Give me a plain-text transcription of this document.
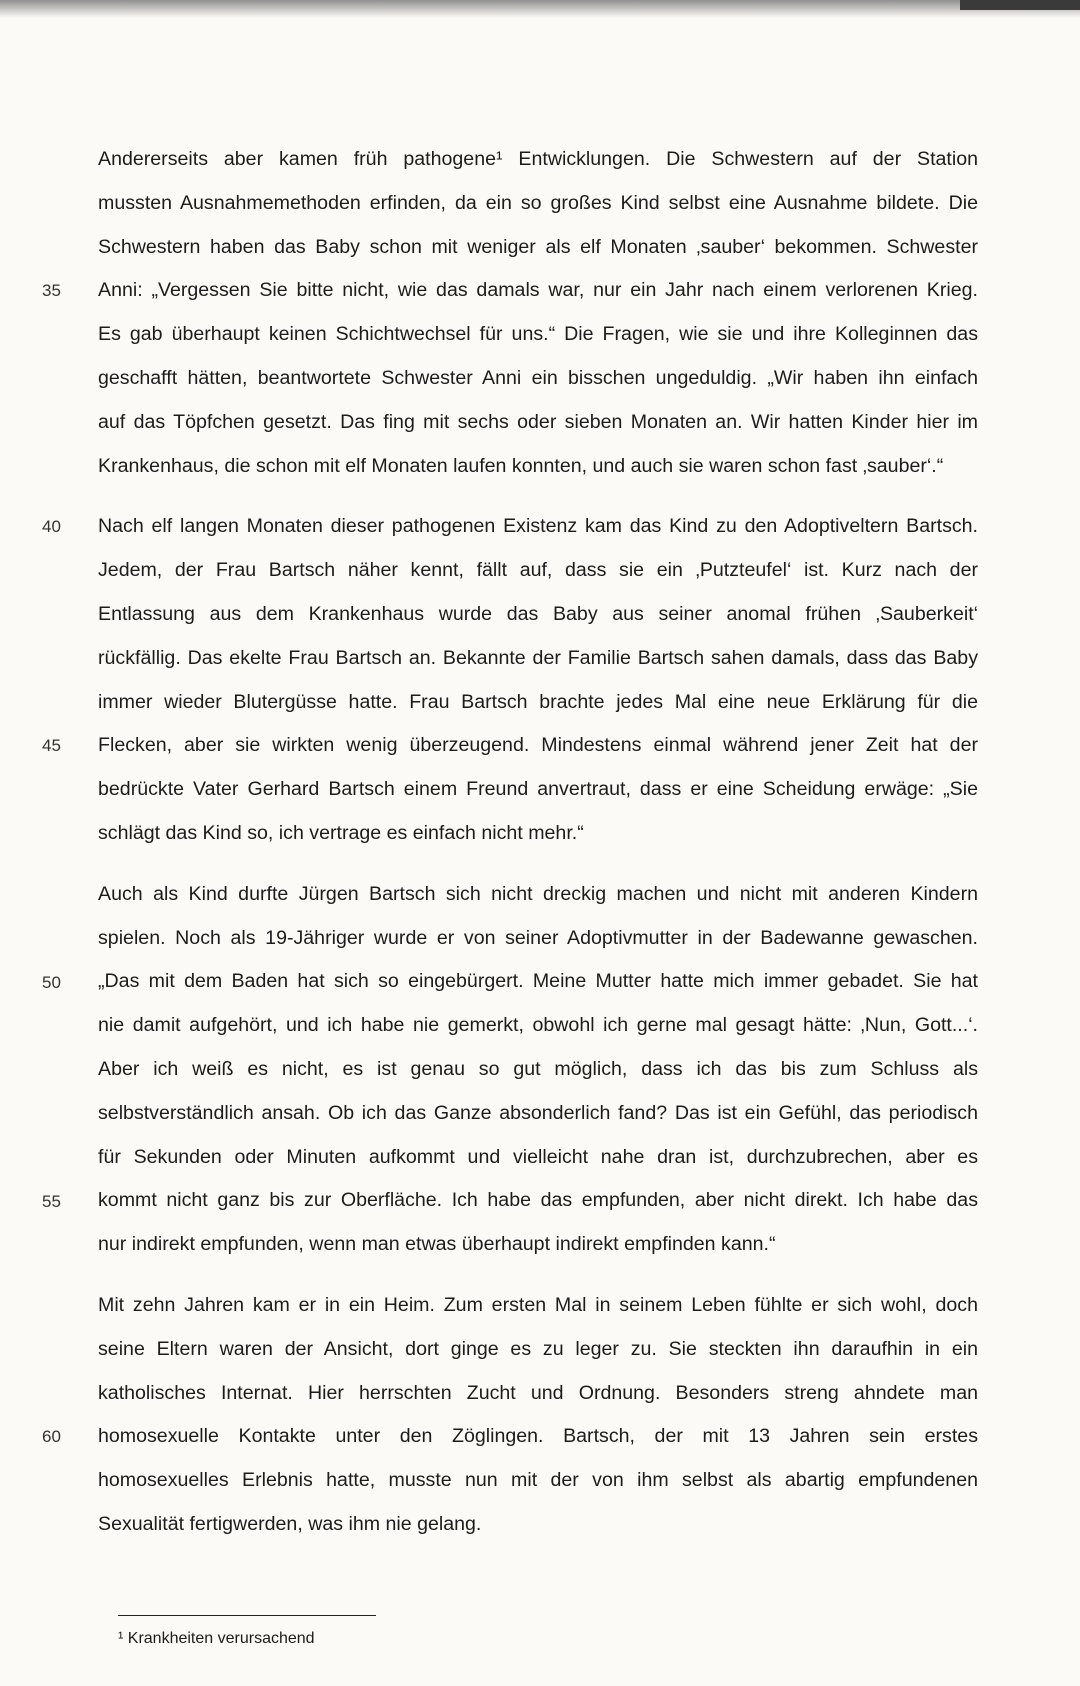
35
Andererseits aber kamen früh pathogene¹ Entwicklungen. Die Schwestern auf der Station
mussten Ausnahmemethoden erfinden, da ein so großes Kind selbst eine Ausnahme bildete. Die
Schwestern haben das Baby schon mit weniger als elf Monaten ‚sauber‘ bekommen. Schwester
Anni: „Vergessen Sie bitte nicht, wie das damals war, nur ein Jahr nach einem verlorenen Krieg.
Es gab überhaupt keinen Schichtwechsel für uns.“ Die Fragen, wie sie und ihre Kolleginnen das
geschafft hätten, beantwortete Schwester Anni ein bisschen ungeduldig. „Wir haben ihn einfach
auf das Töpfchen gesetzt. Das fing mit sechs oder sieben Monaten an. Wir hatten Kinder hier im
Krankenhaus, die schon mit elf Monaten laufen konnten, und auch sie waren schon fast ‚sauber‘.“
40
45
Nach elf langen Monaten dieser pathogenen Existenz kam das Kind zu den Adoptiveltern Bartsch.
Jedem, der Frau Bartsch näher kennt, fällt auf, dass sie ein ‚Putzteufel‘ ist. Kurz nach der
Entlassung aus dem Krankenhaus wurde das Baby aus seiner anomal frühen ‚Sauberkeit‘
rückfällig. Das ekelte Frau Bartsch an. Bekannte der Familie Bartsch sahen damals, dass das Baby
immer wieder Blutergüsse hatte. Frau Bartsch brachte jedes Mal eine neue Erklärung für die
Flecken, aber sie wirkten wenig überzeugend. Mindestens einmal während jener Zeit hat der
bedrückte Vater Gerhard Bartsch einem Freund anvertraut, dass er eine Scheidung erwäge: „Sie
schlägt das Kind so, ich vertrage es einfach nicht mehr.“
50
55
Auch als Kind durfte Jürgen Bartsch sich nicht dreckig machen und nicht mit anderen Kindern
spielen. Noch als 19-Jähriger wurde er von seiner Adoptivmutter in der Badewanne gewaschen.
„Das mit dem Baden hat sich so eingebürgert. Meine Mutter hatte mich immer gebadet. Sie hat
nie damit aufgehört, und ich habe nie gemerkt, obwohl ich gerne mal gesagt hätte: ‚Nun, Gott...‘.
Aber ich weiß es nicht, es ist genau so gut möglich, dass ich das bis zum Schluss als
selbstverständlich ansah. Ob ich das Ganze absonderlich fand? Das ist ein Gefühl, das periodisch
für Sekunden oder Minuten aufkommt und vielleicht nahe dran ist, durchzubrechen, aber es
kommt nicht ganz bis zur Oberfläche. Ich habe das empfunden, aber nicht direkt. Ich habe das
nur indirekt empfunden, wenn man etwas überhaupt indirekt empfinden kann.“
60
Mit zehn Jahren kam er in ein Heim. Zum ersten Mal in seinem Leben fühlte er sich wohl, doch
seine Eltern waren der Ansicht, dort ginge es zu leger zu. Sie steckten ihn daraufhin in ein
katholisches Internat. Hier herrschten Zucht und Ordnung. Besonders streng ahndete man
homosexuelle Kontakte unter den Zöglingen. Bartsch, der mit 13 Jahren sein erstes
homosexuelles Erlebnis hatte, musste nun mit der von ihm selbst als abartig empfundenen
Sexualität fertigwerden, was ihm nie gelang.
¹ Krankheiten verursachend
